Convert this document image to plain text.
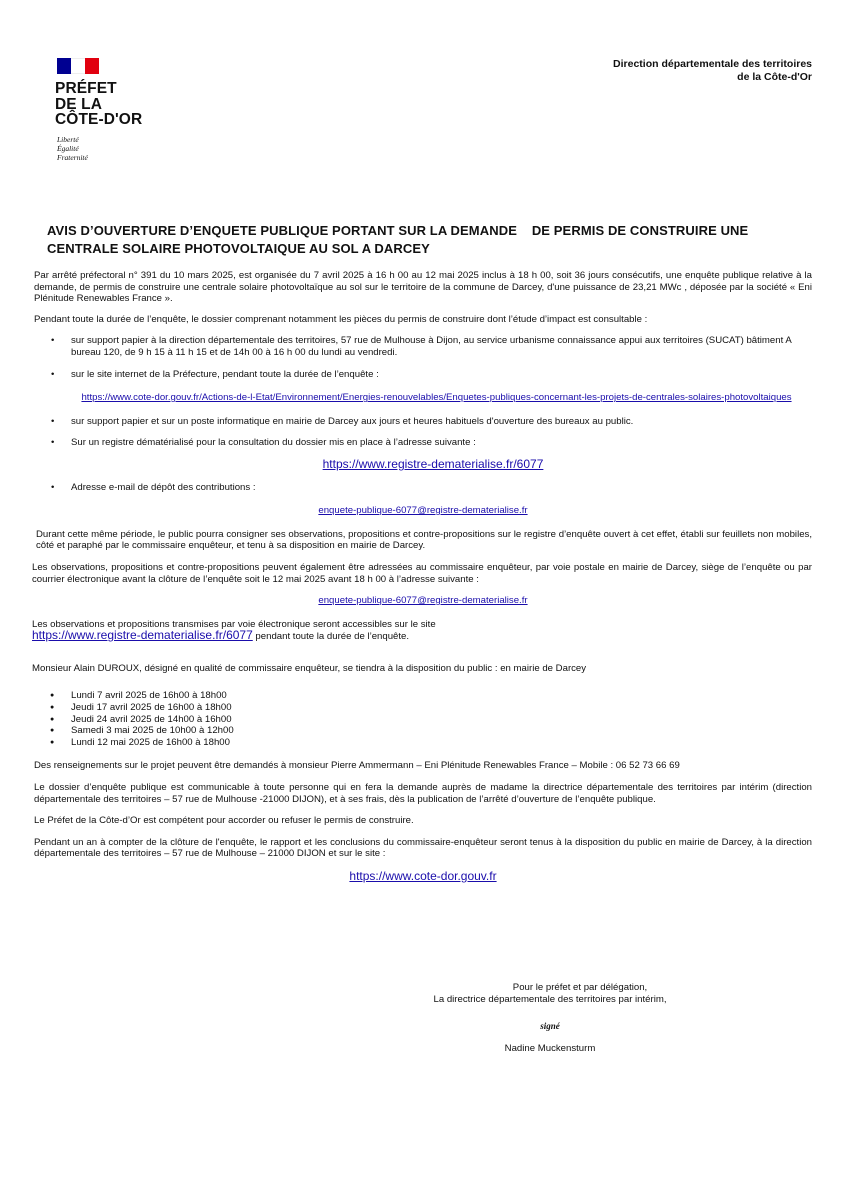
PRÉFET
DE LA
CÔTE-D'OR
Liberté
Égalité
Fraternité
Direction départementale des territoires
de la Côte-d'Or
AVIS D’OUVERTURE D’ENQUETE PUBLIQUE PORTANT SUR LA DEMANDE    DE PERMIS DE CONSTRUIRE UNE
CENTRALE SOLAIRE PHOTOVOLTAIQUE AU SOL A DARCEY

Par arrêté préfectoral n° 391 du 10 mars 2025, est organisée du 7 avril 2025 à 16 h 00 au 12 mai 2025 inclus à 18 h 00, soit 36 jours consécutifs, une enquête publique relative à la demande, de permis de construire une centrale solaire photovoltaïque au sol sur le territoire de la commune de Darcey, d'une puissance de 23,21 MWc , déposée par la société « Eni Plénitude Renewables France ».

Pendant toute la durée de l’enquête, le dossier comprenant notamment les pièces du permis de construire dont l’étude d’impact est consultable :

• sur support papier à la direction départementale des territoires, 57 rue de Mulhouse à Dijon, au service urbanisme connaissance appui aux territoires (SUCAT) bâtiment A bureau 120, de 9 h 15 à 11 h 15 et de 14h 00 à 16 h 00 du lundi au vendredi.
• sur le site internet de la Préfecture, pendant toute la durée de l’enquête :

https://www.cote-dor.gouv.fr/Actions-de-l-Etat/Environnement/Energies-renouvelables/Enquetes-publiques-concernant-les-projets-de-centrales-solaires-photovoltaiques

• sur support papier et sur un poste informatique en mairie de Darcey aux jours et heures habituels d'ouverture des bureaux au public.
• Sur un registre dématérialisé pour la consultation du dossier mis en place à l’adresse suivante :

https://www.registre-dematerialise.fr/6077

• Adresse e-mail de dépôt des contributions :

enquete-publique-6077@registre-dematerialise.fr

Durant cette même période, le public pourra consigner ses observations, propositions et contre-propositions sur le registre d’enquête ouvert à cet effet, établi sur feuillets non mobiles, côté et paraphé par le commissaire enquêteur, et tenu à sa disposition en mairie de Darcey.

Les observations, propositions et contre-propositions peuvent également être adressées au commissaire enquêteur, par voie postale en mairie de Darcey, siège de l’enquête ou par courrier électronique avant la clôture de l’enquête soit le 12 mai 2025 avant 18 h 00 à l’adresse suivante :

enquete-publique-6077@registre-dematerialise.fr

Les observations et propositions transmises par voie électronique seront accessibles sur le site

https://www.registre-dematerialise.fr/6077 pendant toute la durée de l’enquête.

Monsieur Alain DUROUX, désigné en qualité de commissaire enquêteur, se tiendra à la disposition du public : en mairie de Darcey

● Lundi 7 avril 2025 de 16h00 à 18h00
● Jeudi 17 avril 2025 de 16h00 à 18h00
● Jeudi 24 avril 2025 de 14h00 à 16h00
● Samedi 3 mai 2025 de 10h00 à 12h00
● Lundi 12 mai 2025 de 16h00 à 18h00

Des renseignements sur le projet peuvent être demandés à monsieur Pierre Ammermann – Eni Plénitude Renewables France – Mobile : 06 52 73 66 69

Le dossier d’enquête publique est communicable à toute personne qui en fera la demande auprès de madame la directrice départementale des territoires par intérim (direction départementale des territoires – 57 rue de Mulhouse -21000 DIJON), et à ses frais, dès la publication de l’arrêté d’ouverture de l’enquête publique.

Le Préfet de la Côte-d’Or est compétent pour accorder ou refuser le permis de construire.

Pendant un an à compter de la clôture de l'enquête, le rapport et les conclusions du commissaire-enquêteur seront tenus à la disposition du public en mairie de Darcey, à la direction départementale des territoires – 57 rue de Mulhouse – 21000 DIJON et sur le site :

https://www.cote-dor.gouv.fr

Pour le préfet et par délégation,
La directrice départementale des territoires par intérim,
signé
Nadine Muckensturm
